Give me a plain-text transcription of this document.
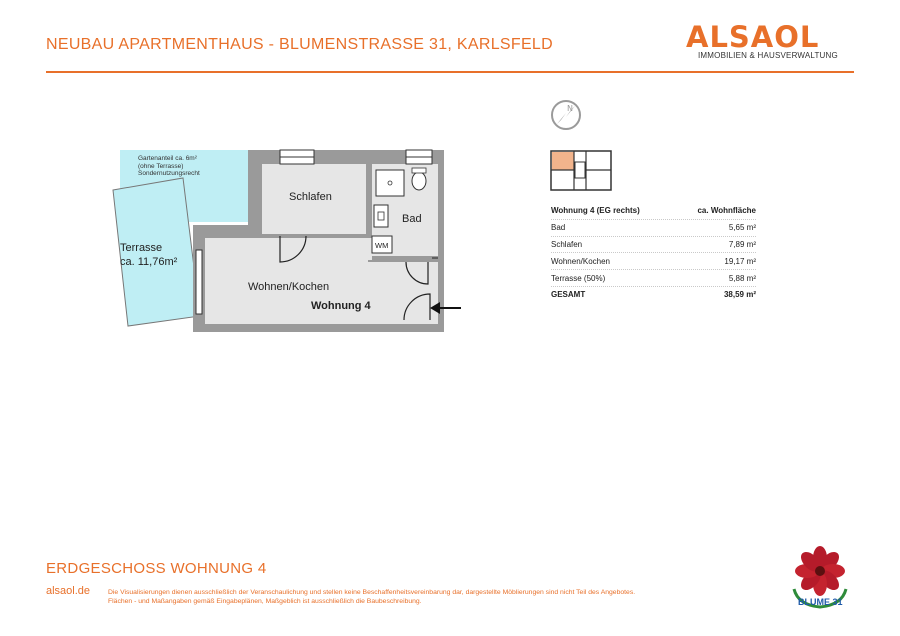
NEUBAU APARTMENTHAUS - BLUMENSTRASSE 31, KARLSFELD	ALSAOL
IMMOBILIEN & HAUSVERWALTUNG
Gartenanteil ca. 6m²
(ohne Terrasse)
Sondernutzungsrecht
Terrasse
ca. 11,76m²
Schlafen
Bad
WM
Wohnen/Kochen
Wohnung 4
N
Wohnung 4 (EG rechts)	ca. Wohnfläche
Bad	5,65 m²
Schlafen	7,89 m²
Wohnen/Kochen	19,17 m²
Terrasse (50%)	5,88 m²
GESAMT	38,59 m²
ERDGESCHOSS WOHNUNG 4
alsaol.de	Die Visualisierungen dienen ausschließlich der Veranschaulichung und stellen keine Beschaffenheitsvereinbarung dar, dargestellte Möblierungen sind nicht Teil des Angebotes.
Flächen - und Maßangaben gemäß Eingabeplänen, Maßgeblich ist ausschließlich die Baubeschreibung.	BLUME 31
